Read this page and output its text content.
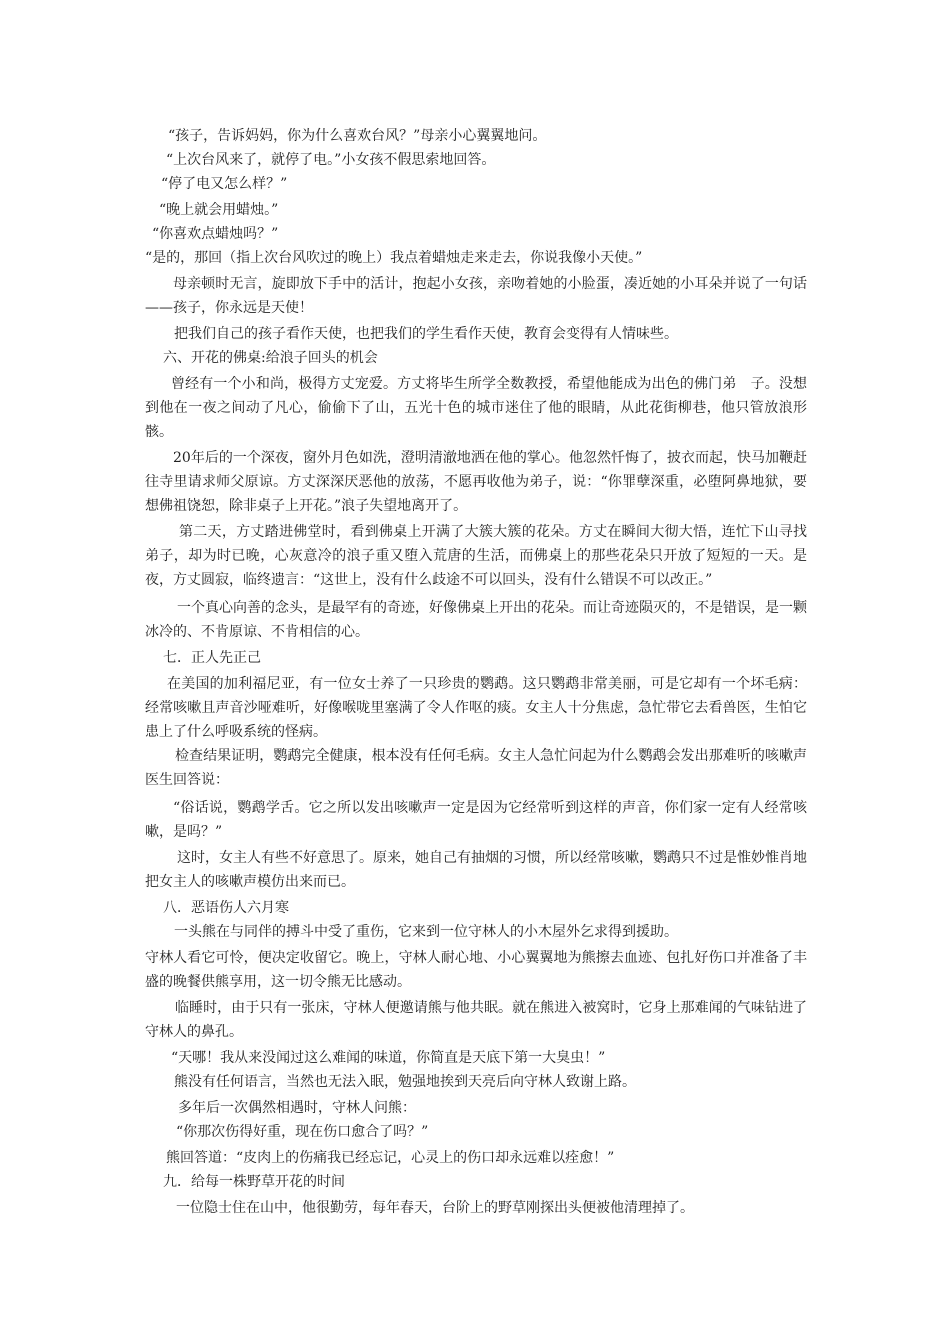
“孩子，告诉妈妈，你为什么喜欢台风？”母亲小心翼翼地问。
“上次台风来了，就停了电。”小女孩不假思索地回答。
“停了电又怎么样？”
“晚上就会用蜡烛。”
“你喜欢点蜡烛吗？”
“是的，那回（指上次台风吹过的晚上）我点着蜡烛走来走去，你说我像小天使。”
母亲顿时无言，旋即放下手中的活计，抱起小女孩，亲吻着她的小脸蛋，凑近她的小耳朵并说了一句话——孩子，你永远是天使！
把我们自己的孩子看作天使，也把我们的学生看作天使，教育会变得有人情味些。
六、开花的佛桌:给浪子回头的机会
曾经有一个小和尚，极得方丈宠爱。方丈将毕生所学全数教授，希望他能成为出色的佛门弟　子。没想到他在一夜之间动了凡心，偷偷下了山，五光十色的城市迷住了他的眼睛，从此花街柳巷，他只管放浪形骸。
20年后的一个深夜，窗外月色如洗，澄明清澈地洒在他的掌心。他忽然忏悔了，披衣而起，快马加鞭赶往寺里请求师父原谅。方丈深深厌恶他的放荡，不愿再收他为弟子，说：“你罪孽深重，必堕阿鼻地狱，要想佛祖饶恕，除非桌子上开花。”浪子失望地离开了。
第二天，方丈踏进佛堂时，看到佛桌上开满了大簇大簇的花朵。方丈在瞬间大彻大悟，连忙下山寻找弟子，却为时已晚，心灰意冷的浪子重又堕入荒唐的生活，而佛桌上的那些花朵只开放了短短的一天。是夜，方丈圆寂，临终遗言：“这世上，没有什么歧途不可以回头，没有什么错误不可以改正。”
一个真心向善的念头，是最罕有的奇迹，好像佛桌上开出的花朵。而让奇迹陨灭的，不是错误，是一颗冰冷的、不肯原谅、不肯相信的心。
七．正人先正己
在美国的加利福尼亚，有一位女士养了一只珍贵的鹦鹉。这只鹦鹉非常美丽，可是它却有一个坏毛病：经常咳嗽且声音沙哑难听，好像喉咙里塞满了令人作呕的痰。女主人十分焦虑，急忙带它去看兽医，生怕它患上了什么呼吸系统的怪病。
检查结果证明，鹦鹉完全健康，根本没有任何毛病。女主人急忙问起为什么鹦鹉会发出那难听的咳嗽声医生回答说：
“俗话说，鹦鹉学舌。它之所以发出咳嗽声一定是因为它经常听到这样的声音，你们家一定有人经常咳嗽，是吗？”
这时，女主人有些不好意思了。原来，她自己有抽烟的习惯，所以经常咳嗽，鹦鹉只不过是惟妙惟肖地把女主人的咳嗽声模仿出来而已。
八．恶语伤人六月寒
一头熊在与同伴的搏斗中受了重伤，它来到一位守林人的小木屋外乞求得到援助。
守林人看它可怜，便决定收留它。晚上，守林人耐心地、小心翼翼地为熊擦去血迹、包扎好伤口并准备了丰盛的晚餐供熊享用，这一切令熊无比感动。
临睡时，由于只有一张床，守林人便邀请熊与他共眠。就在熊进入被窝时，它身上那难闻的气味钻进了守林人的鼻孔。
“天哪！我从来没闻过这么难闻的味道，你简直是天底下第一大臭虫！”
熊没有任何语言，当然也无法入眠，勉强地挨到天亮后向守林人致谢上路。
多年后一次偶然相遇时，守林人问熊：
“你那次伤得好重，现在伤口愈合了吗？”
熊回答道：“皮肉上的伤痛我已经忘记，心灵上的伤口却永远难以痊愈！”
九．给每一株野草开花的时间
一位隐士住在山中，他很勤劳，每年春天，台阶上的野草刚探出头便被他清理掉了。
